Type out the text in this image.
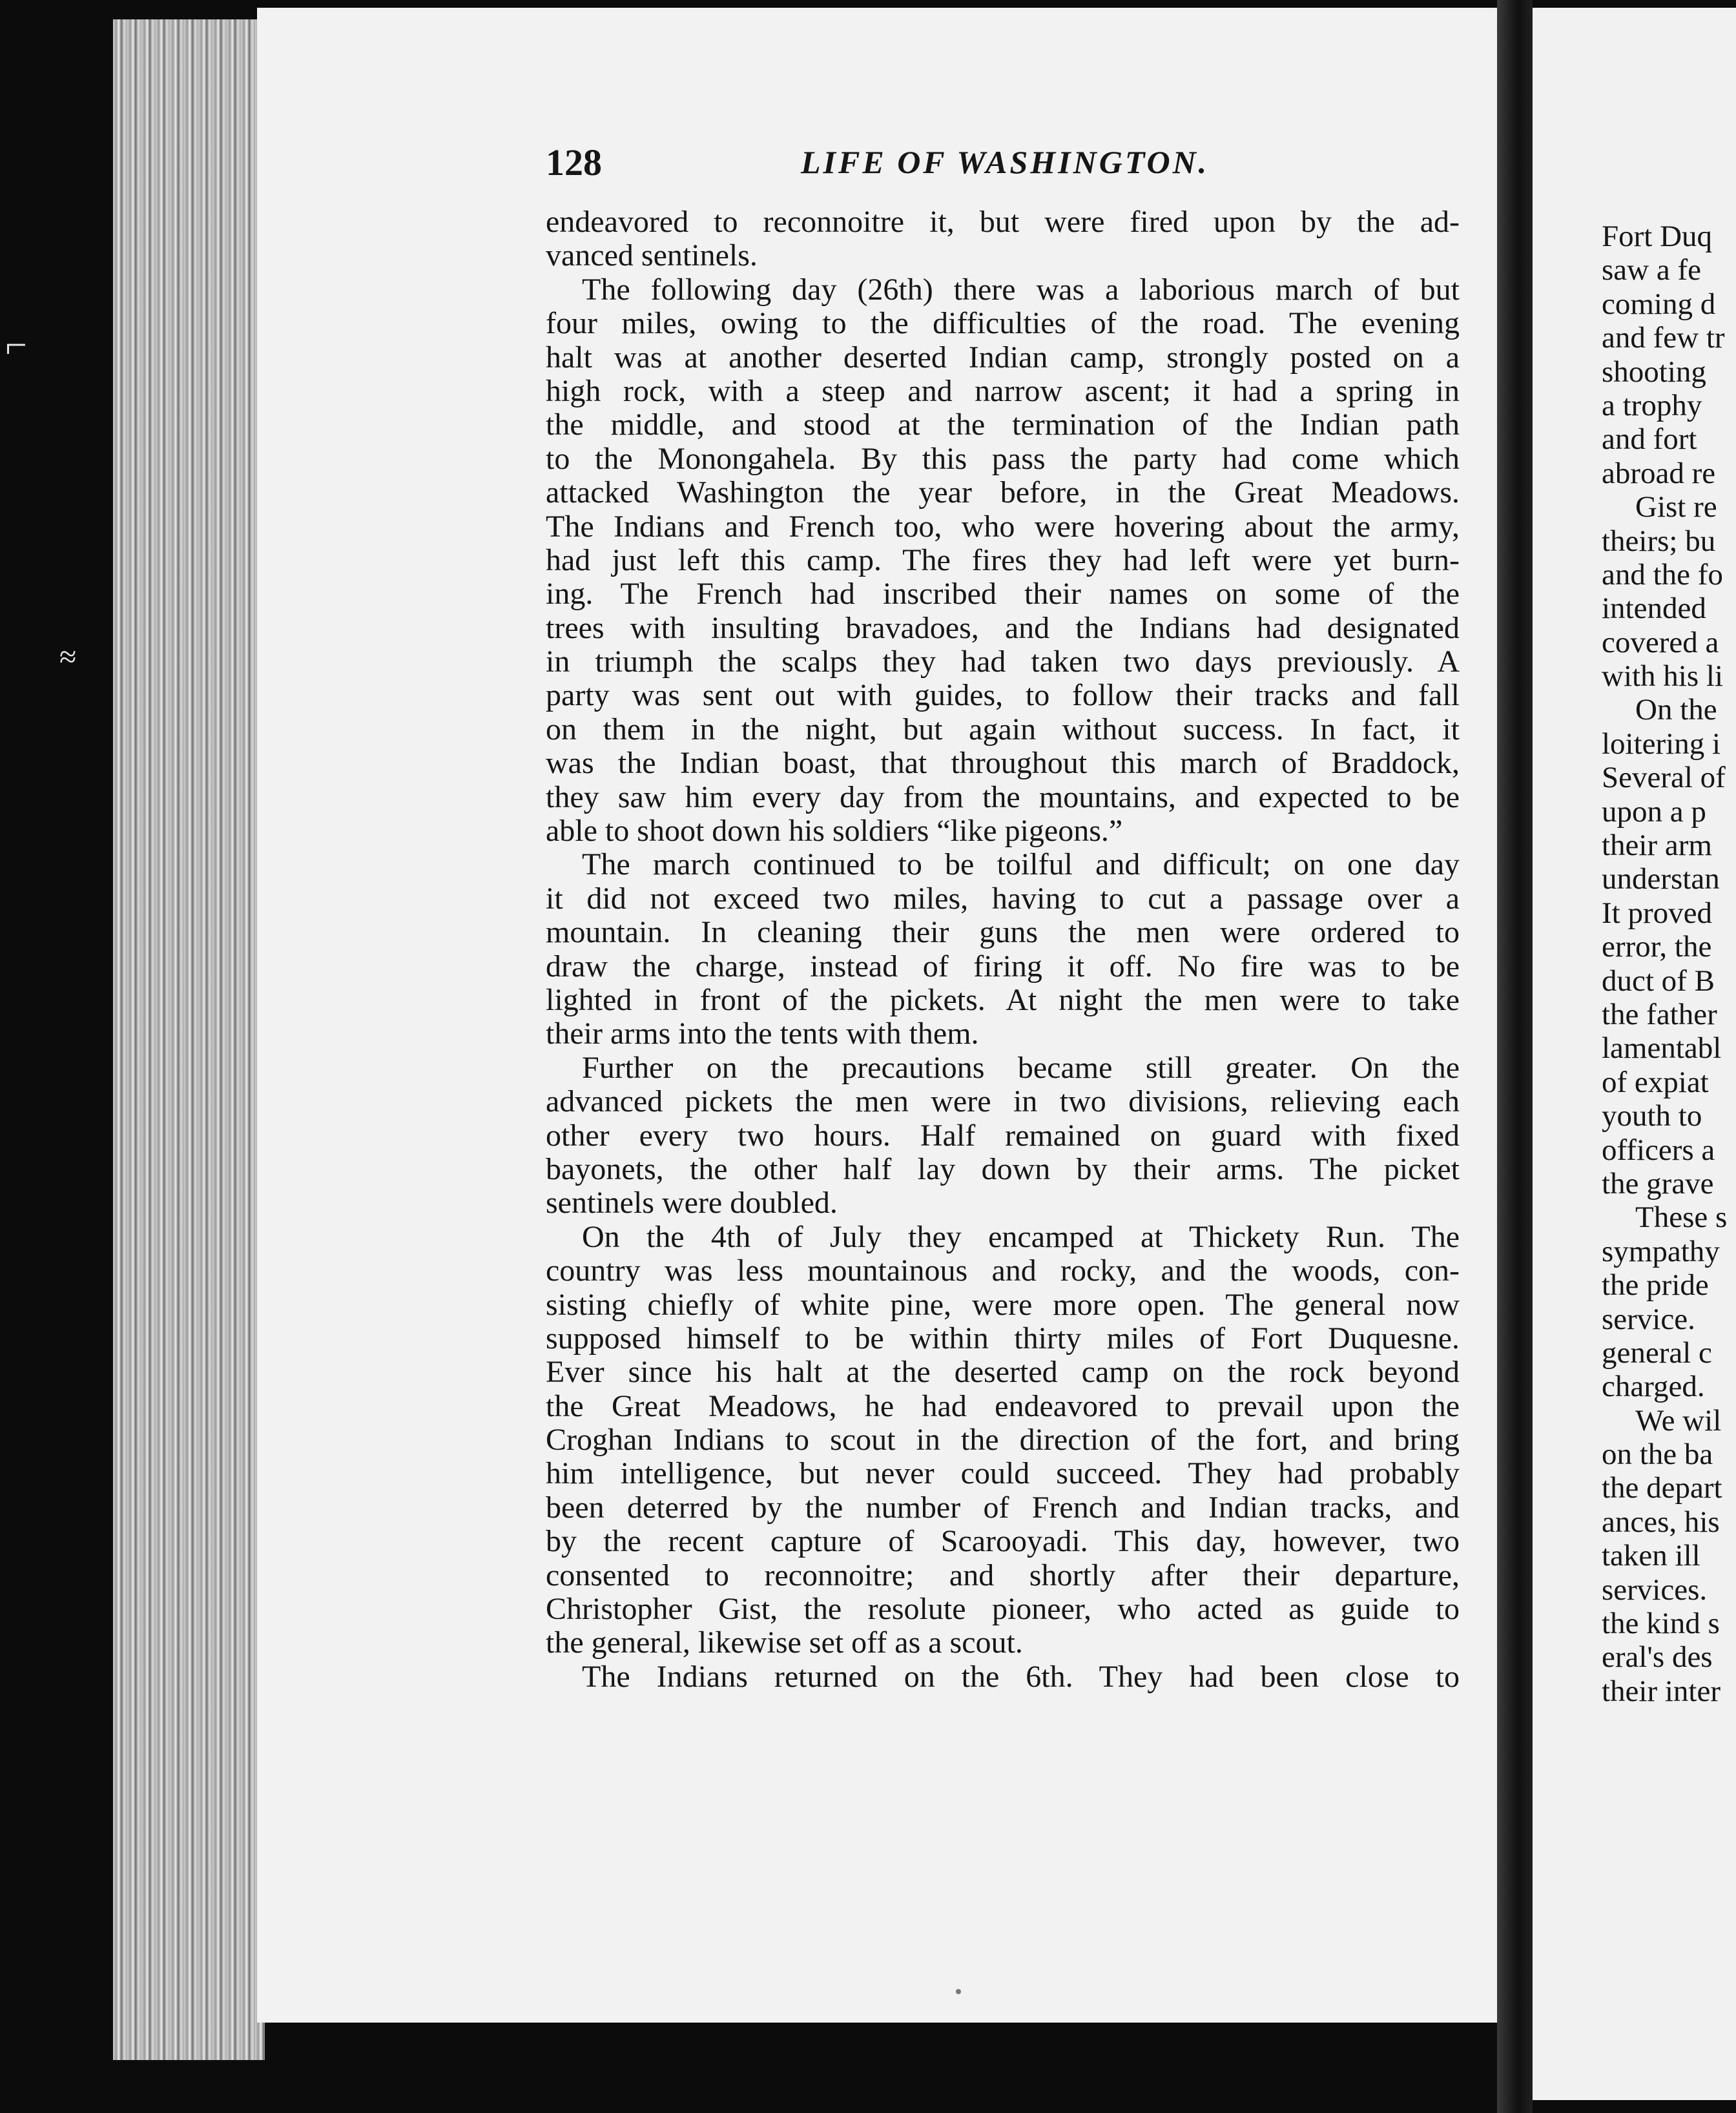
⌐
≈
128	LIFE OF WASHINGTON.
endeavored to reconnoitre it, but were fired upon by the ad-
vanced sentinels.
The following day (26th) there was a laborious march of but
four miles, owing to the difficulties of the road. The evening
halt was at another deserted Indian camp, strongly posted on a
high rock, with a steep and narrow ascent; it had a spring in
the middle, and stood at the termination of the Indian path
to the Monongahela. By this pass the party had come which
attacked Washington the year before, in the Great Meadows.
The Indians and French too, who were hovering about the army,
had just left this camp. The fires they had left were yet burn-
ing. The French had inscribed their names on some of the
trees with insulting bravadoes, and the Indians had designated
in triumph the scalps they had taken two days previously. A
party was sent out with guides, to follow their tracks and fall
on them in the night, but again without success. In fact, it
was the Indian boast, that throughout this march of Braddock,
they saw him every day from the mountains, and expected to be
able to shoot down his soldiers “like pigeons.”
The march continued to be toilful and difficult; on one day
it did not exceed two miles, having to cut a passage over a
mountain. In cleaning their guns the men were ordered to
draw the charge, instead of firing it off. No fire was to be
lighted in front of the pickets. At night the men were to take
their arms into the tents with them.
Further on the precautions became still greater. On the
advanced pickets the men were in two divisions, relieving each
other every two hours. Half remained on guard with fixed
bayonets, the other half lay down by their arms. The picket
sentinels were doubled.
On the 4th of July they encamped at Thickety Run. The
country was less mountainous and rocky, and the woods, con-
sisting chiefly of white pine, were more open. The general now
supposed himself to be within thirty miles of Fort Duquesne.
Ever since his halt at the deserted camp on the rock beyond
the Great Meadows, he had endeavored to prevail upon the
Croghan Indians to scout in the direction of the fort, and bring
him intelligence, but never could succeed. They had probably
been deterred by the number of French and Indian tracks, and
by the recent capture of Scarooyadi. This day, however, two
consented to reconnoitre; and shortly after their departure,
Christopher Gist, the resolute pioneer, who acted as guide to
the general, likewise set off as a scout.
The Indians returned on the 6th. They had been close to
Fort Duq
saw a fe
coming d
and few tr
shooting
a trophy
and fort
abroad re
Gist re
theirs; bu
and the fo
intended
covered a
with his li
On the
loitering i
Several of
upon a p
their arm
understan
It proved
error, the
duct of B
the father
lamentabl
of expiat
youth to
officers a
the grave
These s
sympathy
the pride
service.
general c
charged.
We wil
on the ba
the depart
ances, his
taken ill
services.
the kind s
eral's des
their inter
